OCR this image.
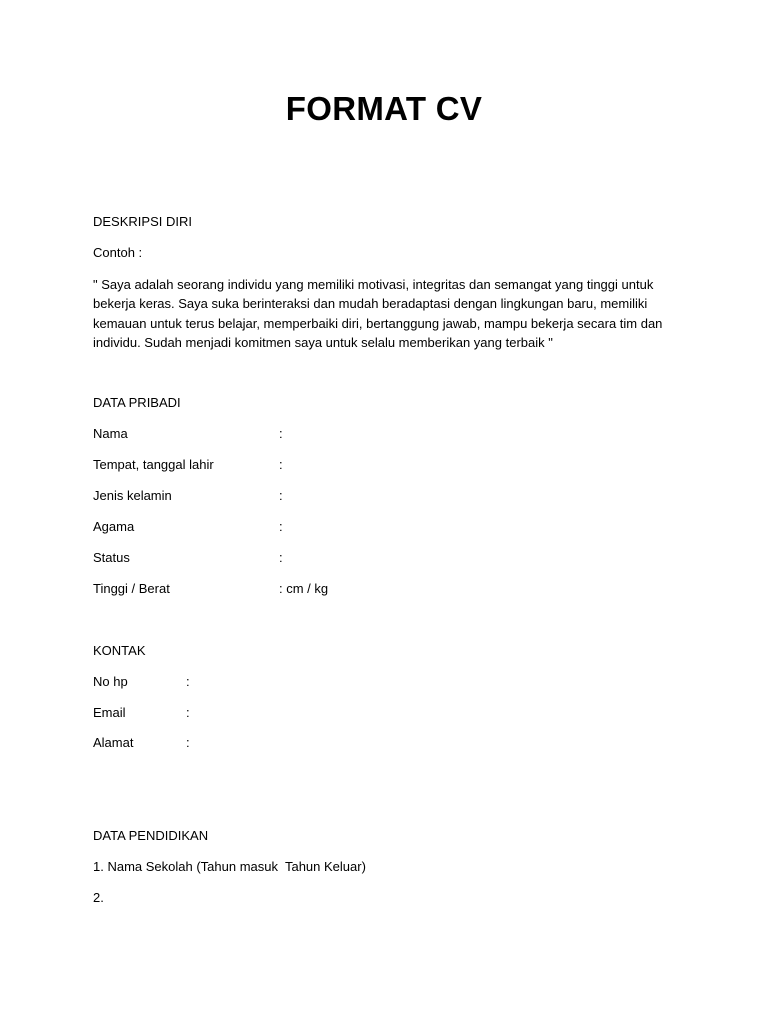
FORMAT CV
DESKRIPSI DIRI
Contoh :
" Saya adalah seorang individu yang memiliki motivasi, integritas dan semangat yang tinggi untuk bekerja keras. Saya suka berinteraksi dan mudah beradaptasi dengan lingkungan baru, memiliki kemauan untuk terus belajar, memperbaiki diri, bertanggung jawab, mampu bekerja secara tim dan individu. Sudah menjadi komitmen saya untuk selalu memberikan yang terbaik "
DATA PRIBADI
Nama	:
Tempat, tanggal lahir	:
Jenis kelamin	:
Agama	:
Status	:
Tinggi / Berat	: cm / kg
KONTAK
No hp	:
Email	:
Alamat	:
DATA PENDIDIKAN
1. Nama Sekolah (Tahun masuk  Tahun Keluar)
2.
